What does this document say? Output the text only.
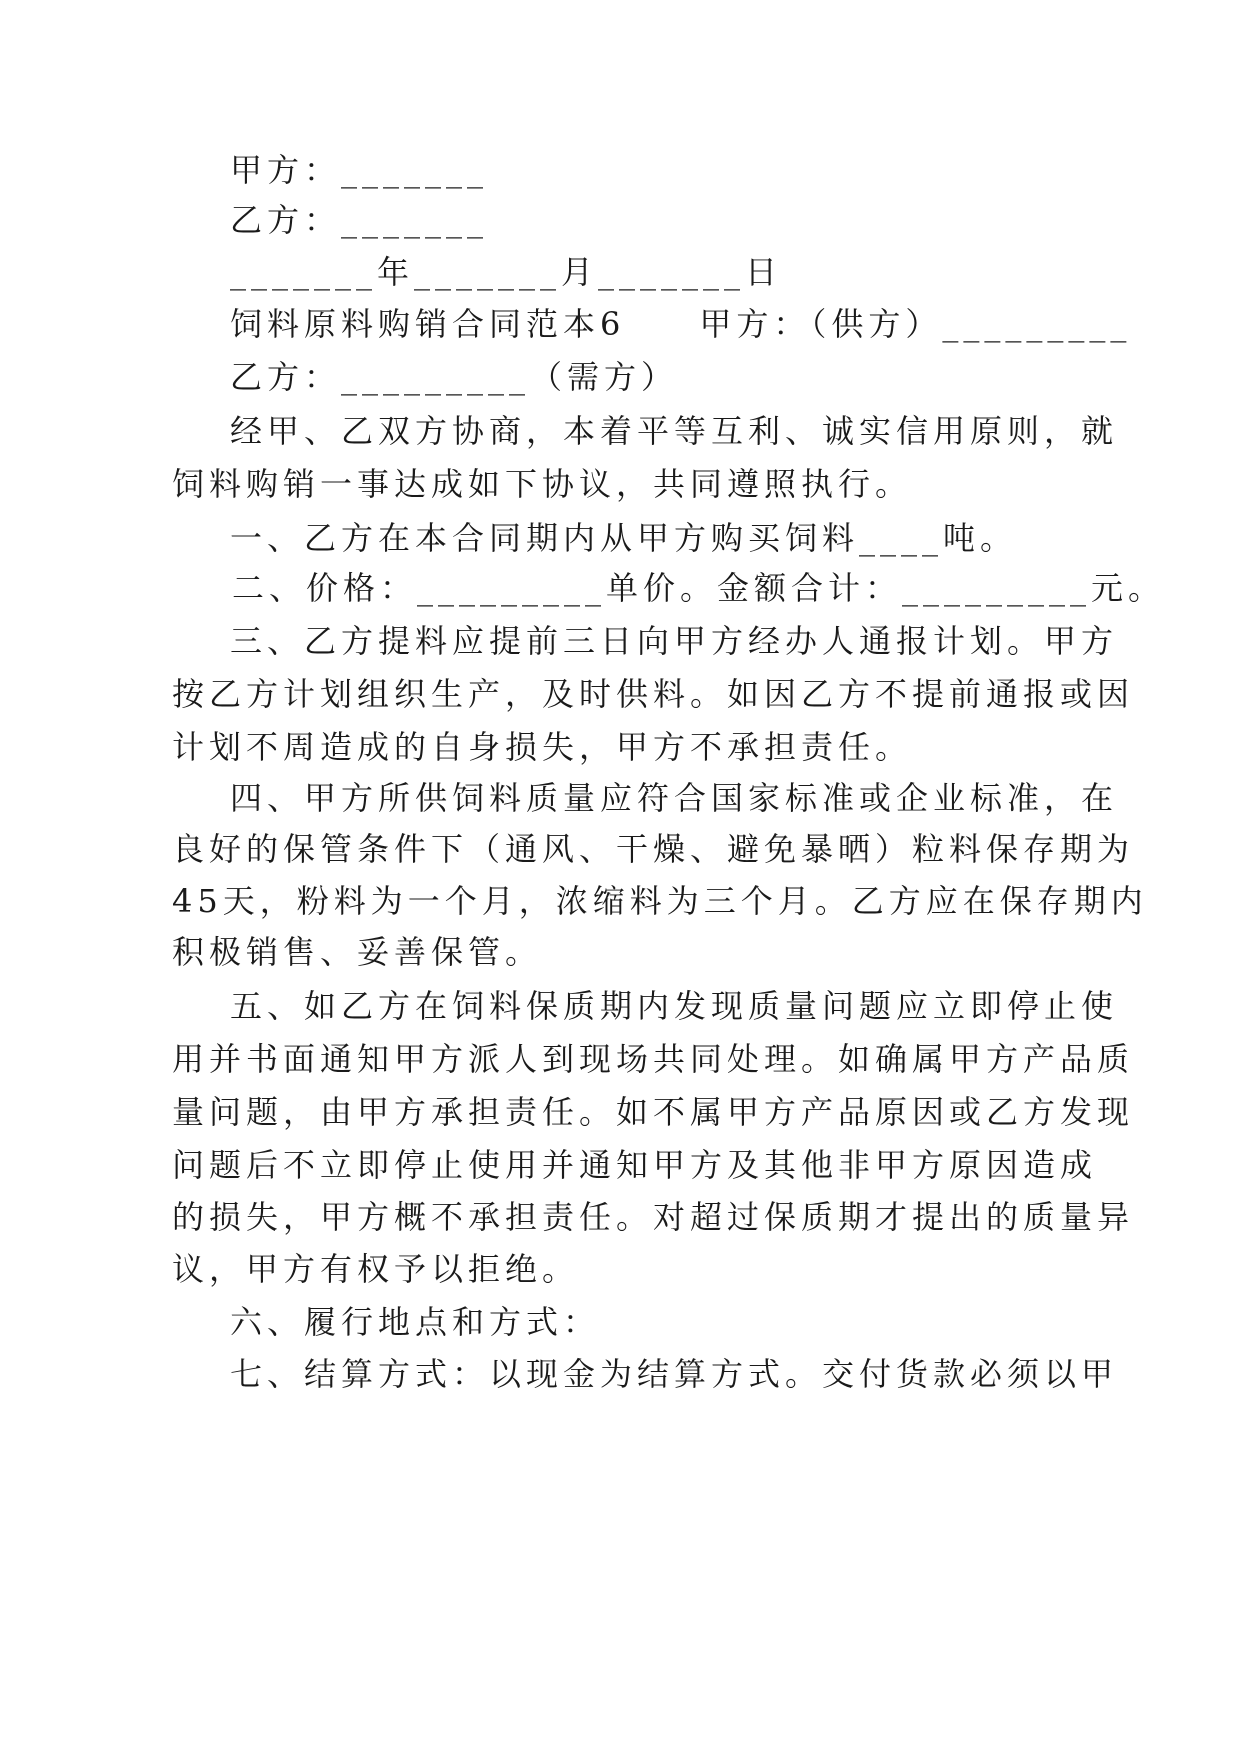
甲方：_______
乙方：_______
_______年_______月_______日
饲料原料购销合同范本6　　甲方：（供方）_________
乙方：_________（需方）
经甲、乙双方协商，本着平等互利、诚实信用原则，就
饲料购销一事达成如下协议，共同遵照执行。
一、乙方在本合同期内从甲方购买饲料____吨。
二、价格：_________单价。金额合计：_________元。
三、乙方提料应提前三日向甲方经办人通报计划。甲方
按乙方计划组织生产，及时供料。如因乙方不提前通报或因
计划不周造成的自身损失，甲方不承担责任。
四、甲方所供饲料质量应符合国家标准或企业标准，在
良好的保管条件下（通风、干燥、避免暴晒）粒料保存期为
45天，粉料为一个月，浓缩料为三个月。乙方应在保存期内
积极销售、妥善保管。
五、如乙方在饲料保质期内发现质量问题应立即停止使
用并书面通知甲方派人到现场共同处理。如确属甲方产品质
量问题，由甲方承担责任。如不属甲方产品原因或乙方发现
问题后不立即停止使用并通知甲方及其他非甲方原因造成
的损失，甲方概不承担责任。对超过保质期才提出的质量异
议，甲方有权予以拒绝。
六、履行地点和方式：
七、结算方式：以现金为结算方式。交付货款必须以甲
